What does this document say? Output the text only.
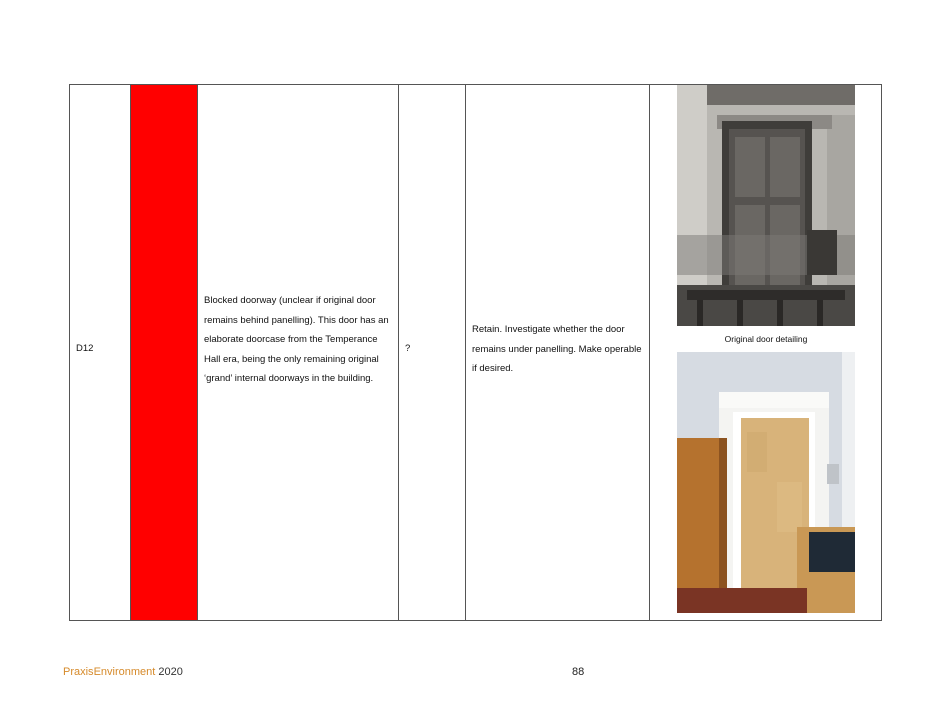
D12
Blocked doorway (unclear if original door remains behind panelling). This door has an elaborate doorcase from the Temperance Hall era, being the only remaining original ‘grand’ internal doorways in the building.
?
Retain. Investigate whether the door remains under panelling. Make operable if desired.
Original door detailing
PraxisEnvironment 2020	88
